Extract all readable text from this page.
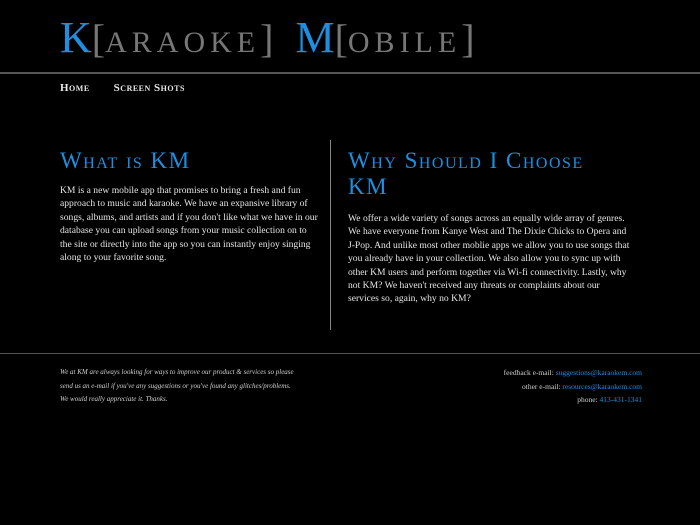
K [ ARAOKE ] M [ OBILE ]
Home Screen Shots
What is KM

KM is a new mobile app that promises to bring a fresh and fun approach to music and karaoke. We have an expansive library of songs, albums, and artists and if you don't like what we have in our database you can upload songs from your music collection on to the site or directly into the app so you can instantly enjoy singing along to your favorite song.

Why Should I Choose KM

We offer a wide variety of songs across an equally wide array of genres. We have everyone from Kanye West and The Dixie Chicks to Opera and J-Pop. And unlike most other moblie apps we allow you to use songs that you already have in your collection. We also allow you to sync up with other KM users and perform together via Wi-fi connectivity. Lastly, why not KM? We haven't received any threats or complaints about our services so, again, why no KM?

We at KM are always looking for ways to improve our product & services so please send us an e-mail if you've any suggestions or you've found any glitches/problems. We would really appreciate it. Thanks.

feedback e-mail: suggestions@karaokem.com
other e-mail: resources@karaokem.com
phone: 413-431-1341
